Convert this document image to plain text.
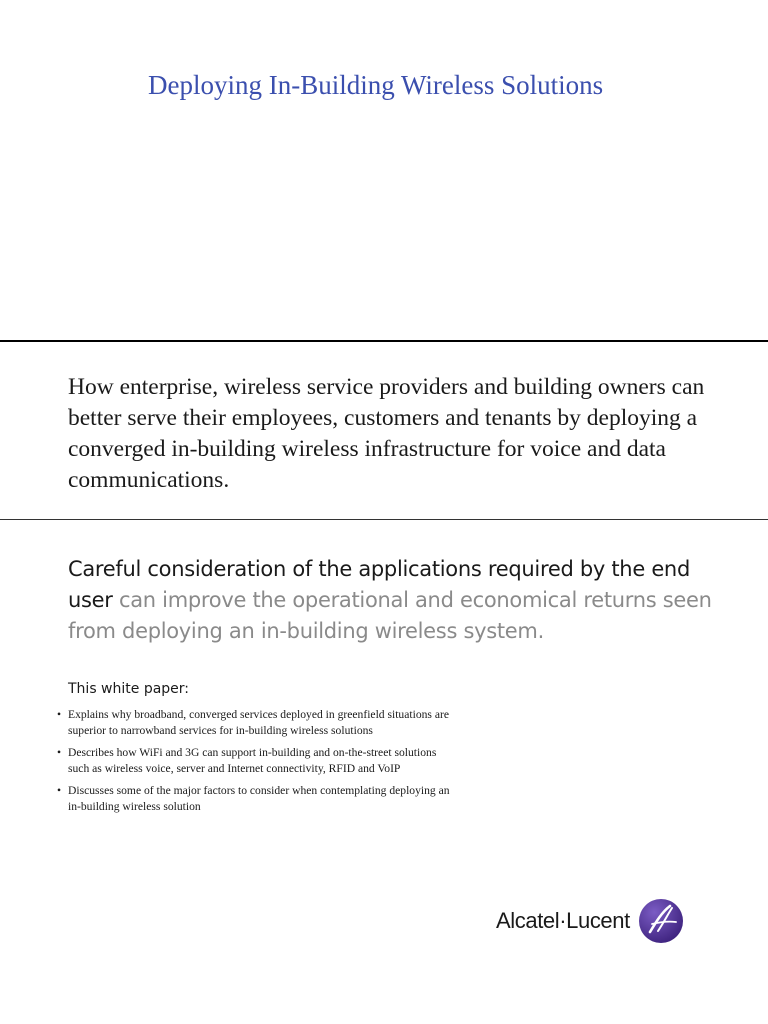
Deploying In-Building Wireless Solutions

How enterprise, wireless service providers and building owners can better serve their employees, customers and tenants by deploying a converged in-building wireless infrastructure for voice and data communications.

Careful consideration of the applications required by the end user can improve the operational and economical returns seen from deploying an in-building wireless system.

This white paper:

• Explains why broadband, converged services deployed in greenfield situations are superior to narrowband services for in-building wireless solutions
• Describes how WiFi and 3G can support in-building and on-the-street solutions such as wireless voice, server and Internet connectivity, RFID and VoIP
• Discusses some of the major factors to consider when contemplating deploying an in-building wireless solution
Alcatel·Lucent
